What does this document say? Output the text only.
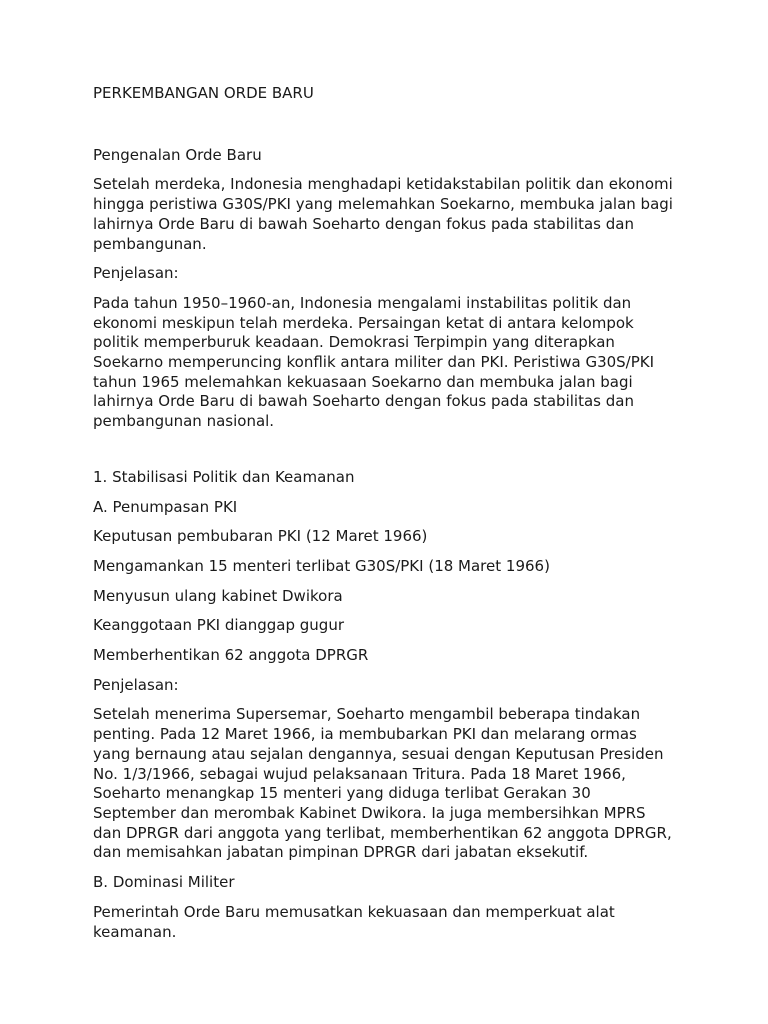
PERKEMBANGAN ORDE BARU

Pengenalan Orde Baru

Setelah merdeka, Indonesia menghadapi ketidakstabilan politik dan ekonomi hingga peristiwa G30S/PKI yang melemahkan Soekarno, membuka jalan bagi lahirnya Orde Baru di bawah Soeharto dengan fokus pada stabilitas dan pembangunan.

Penjelasan:

Pada tahun 1950–1960-an, Indonesia mengalami instabilitas politik dan ekonomi meskipun telah merdeka. Persaingan ketat di antara kelompok politik memperburuk keadaan. Demokrasi Terpimpin yang diterapkan Soekarno memperuncing konflik antara militer dan PKI. Peristiwa G30S/PKI tahun 1965 melemahkan kekuasaan Soekarno dan membuka jalan bagi lahirnya Orde Baru di bawah Soeharto dengan fokus pada stabilitas dan pembangunan nasional.

1. Stabilisasi Politik dan Keamanan

A. Penumpasan PKI

Keputusan pembubaran PKI (12 Maret 1966)

Mengamankan 15 menteri terlibat G30S/PKI (18 Maret 1966)

Menyusun ulang kabinet Dwikora

Keanggotaan PKI dianggap gugur

Memberhentikan 62 anggota DPRGR

Penjelasan:

Setelah menerima Supersemar, Soeharto mengambil beberapa tindakan penting. Pada 12 Maret 1966, ia membubarkan PKI dan melarang ormas yang bernaung atau sejalan dengannya, sesuai dengan Keputusan Presiden No. 1/3/1966, sebagai wujud pelaksanaan Tritura. Pada 18 Maret 1966, Soeharto menangkap 15 menteri yang diduga terlibat Gerakan 30 September dan merombak Kabinet Dwikora. Ia juga membersihkan MPRS dan DPRGR dari anggota yang terlibat, memberhentikan 62 anggota DPRGR, dan memisahkan jabatan pimpinan DPRGR dari jabatan eksekutif.

B. Dominasi Militer

Pemerintah Orde Baru memusatkan kekuasaan dan memperkuat alat keamanan.
